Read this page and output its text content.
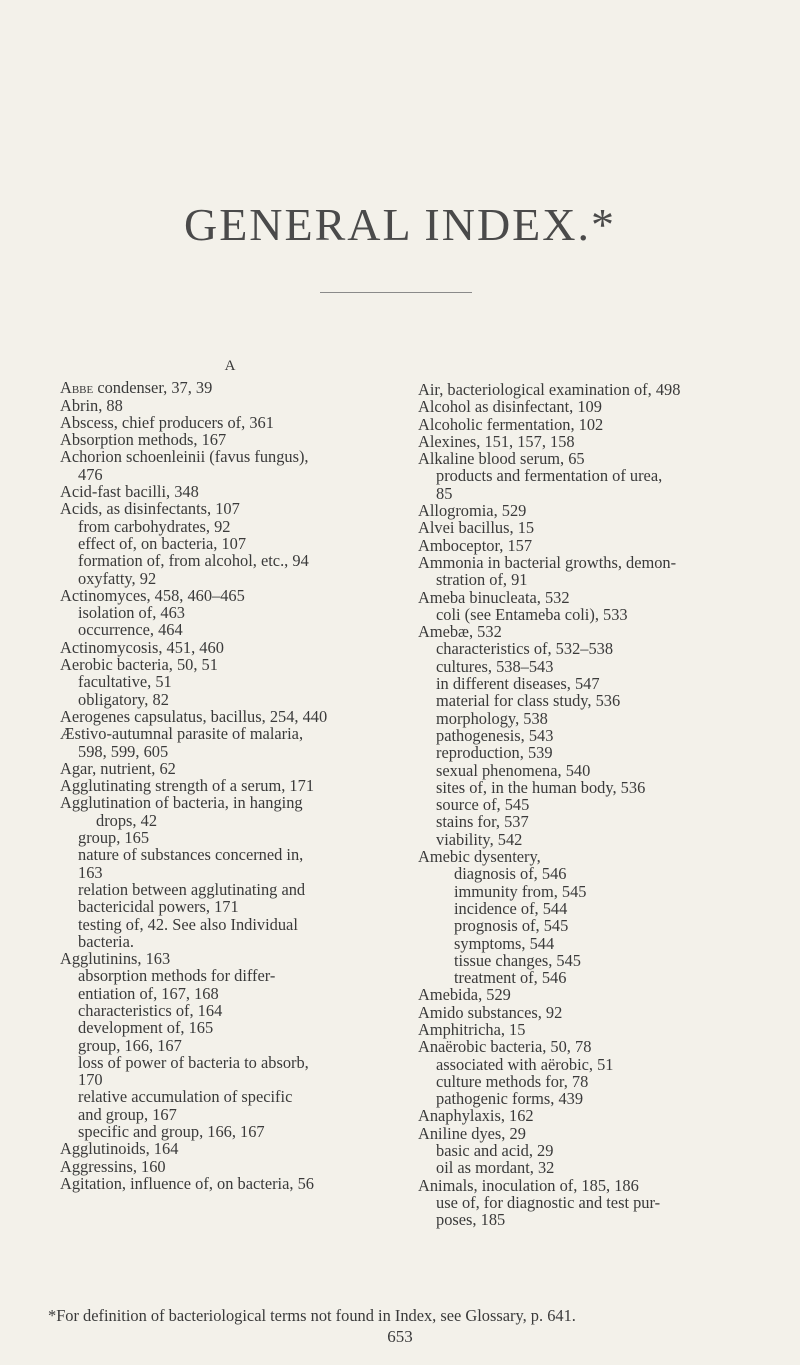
GENERAL INDEX.*
A
Abbe condenser, 37, 39
Abrin, 88
Abscess, chief producers of, 361
Absorption methods, 167
Achorion schoenleinii (favus fungus),
476
Acid-fast bacilli, 348
Acids, as disinfectants, 107
from carbohydrates, 92
effect of, on bacteria, 107
formation of, from alcohol, etc., 94
oxyfatty, 92
Actinomyces, 458, 460–465
isolation of, 463
occurrence, 464
Actinomycosis, 451, 460
Aerobic bacteria, 50, 51
facultative, 51
obligatory, 82
Aerogenes capsulatus, bacillus, 254, 440
Æstivo-autumnal parasite of malaria,
598, 599, 605
Agar, nutrient, 62
Agglutinating strength of a serum, 171
Agglutination of bacteria, in hanging
drops, 42
group, 165
nature of substances concerned in,
163
relation between agglutinating and
bactericidal powers, 171
testing of, 42. See also Individual
bacteria.
Agglutinins, 163
absorption methods for differ-
entiation of, 167, 168
characteristics of, 164
development of, 165
group, 166, 167
loss of power of bacteria to absorb,
170
relative accumulation of specific
and group, 167
specific and group, 166, 167
Agglutinoids, 164
Aggressins, 160
Agitation, influence of, on bacteria, 56
Air, bacteriological examination of, 498
Alcohol as disinfectant, 109
Alcoholic fermentation, 102
Alexines, 151, 157, 158
Alkaline blood serum, 65
products and fermentation of urea,
85
Allogromia, 529
Alvei bacillus, 15
Amboceptor, 157
Ammonia in bacterial growths, demon-
stration of, 91
Ameba binucleata, 532
coli (see Entameba coli), 533
Amebæ, 532
characteristics of, 532–538
cultures, 538–543
in different diseases, 547
material for class study, 536
morphology, 538
pathogenesis, 543
reproduction, 539
sexual phenomena, 540
sites of, in the human body, 536
source of, 545
stains for, 537
viability, 542
Amebic dysentery,
diagnosis of, 546
immunity from, 545
incidence of, 544
prognosis of, 545
symptoms, 544
tissue changes, 545
treatment of, 546
Amebida, 529
Amido substances, 92
Amphitricha, 15
Anaërobic bacteria, 50, 78
associated with aërobic, 51
culture methods for, 78
pathogenic forms, 439
Anaphylaxis, 162
Aniline dyes, 29
basic and acid, 29
oil as mordant, 32
Animals, inoculation of, 185, 186
use of, for diagnostic and test pur-
poses, 185
*For definition of bacteriological terms not found in Index, see Glossary, p. 641.
653
